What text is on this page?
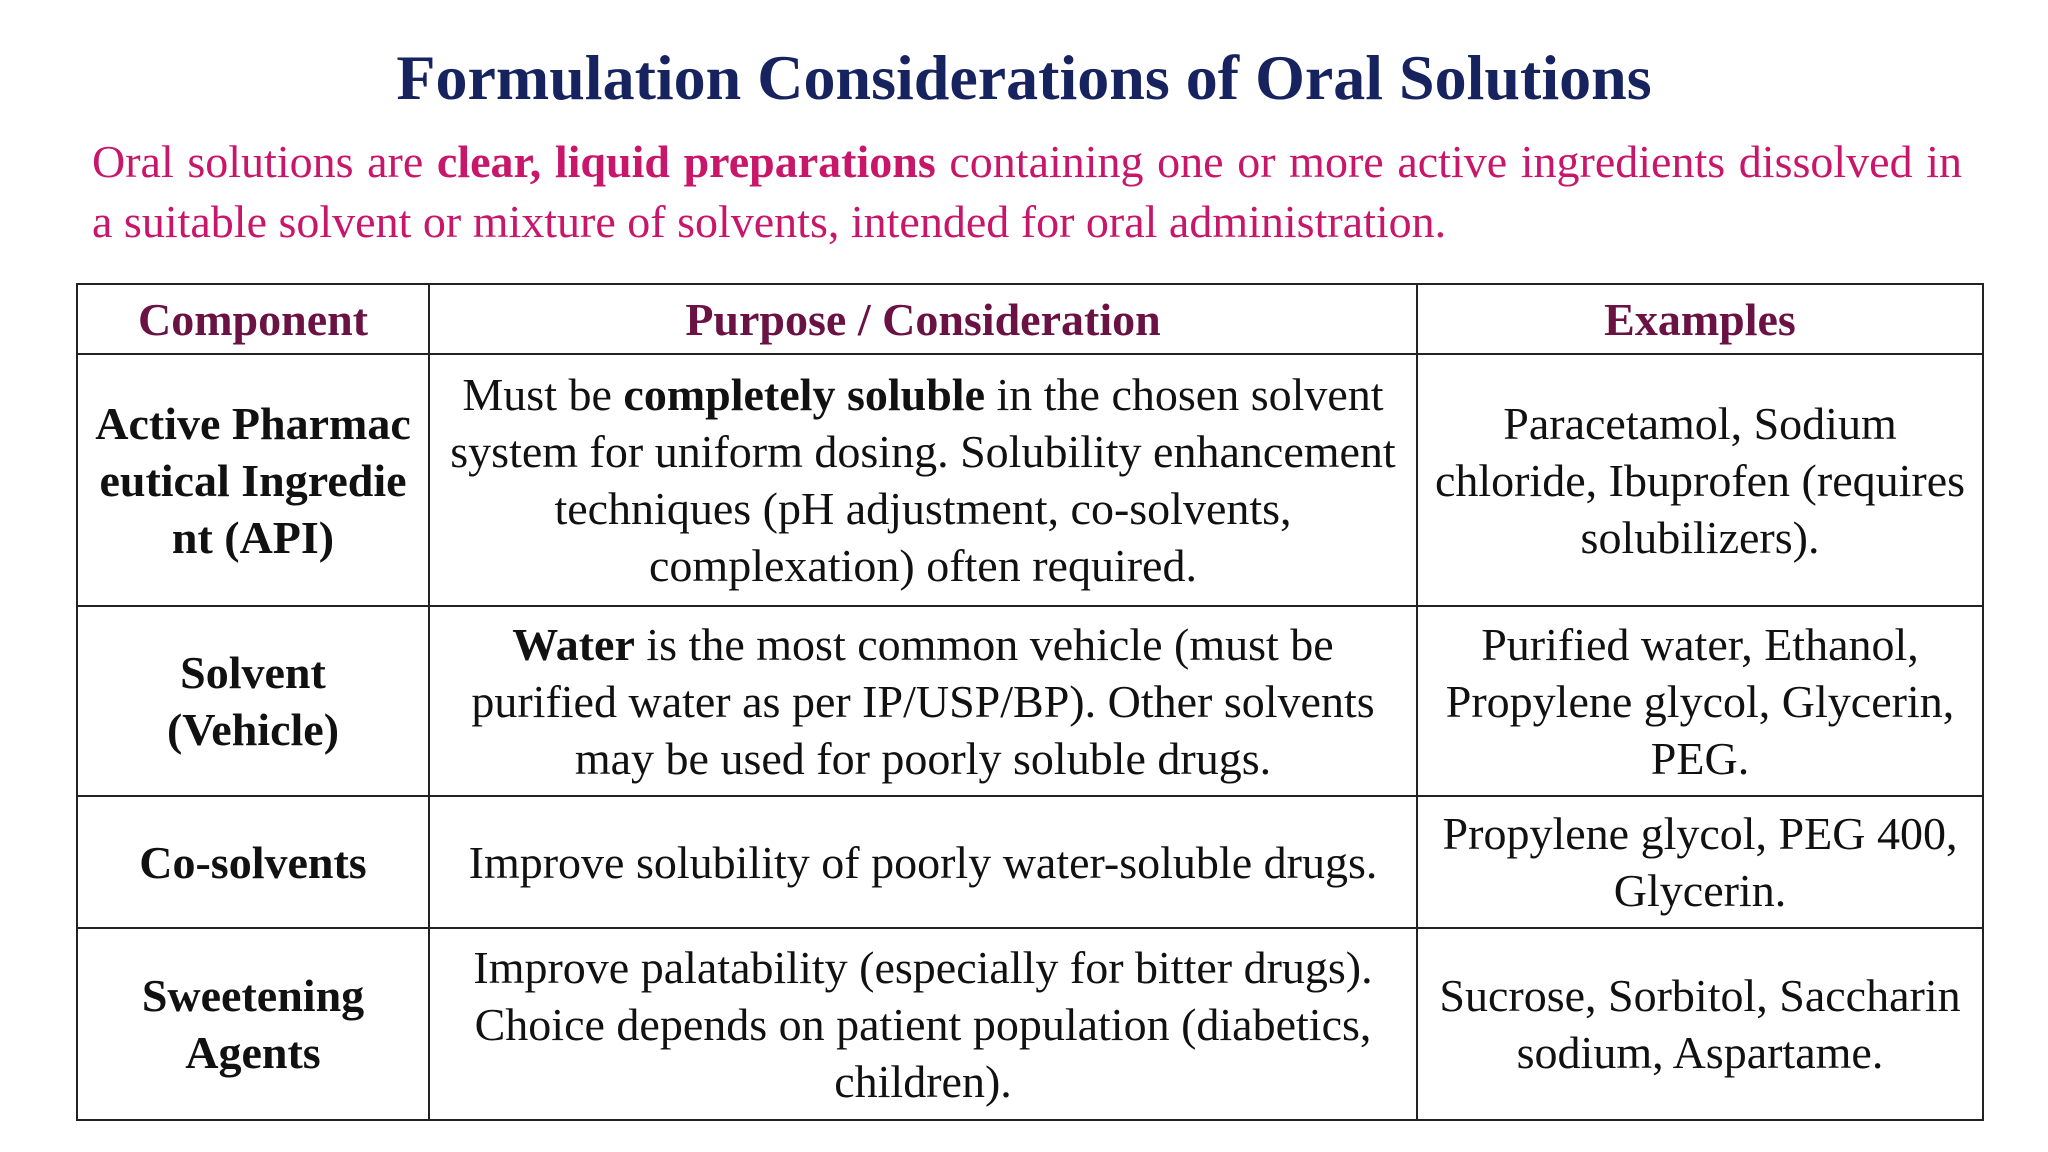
Formulation Considerations of Oral Solutions
Oral solutions are clear, liquid preparations containing one or more active ingredients dissolved in a suitable solvent or mixture of solvents, intended for oral administration.
Component	Purpose / Consideration	Examples
Active Pharmaceutical Ingredient (API)	Must be completely soluble in the chosen solvent system for uniform dosing. Solubility enhancement techniques (pH adjustment, co-solvents, complexation) often required.	Paracetamol, Sodium chloride, Ibuprofen (requires solubilizers).
Solvent (Vehicle)	Water is the most common vehicle (must be purified water as per IP/USP/BP). Other solvents may be used for poorly soluble drugs.	Purified water, Ethanol, Propylene glycol, Glycerin, PEG.
Co-solvents	Improve solubility of poorly water-soluble drugs.	Propylene glycol, PEG 400, Glycerin.
Sweetening Agents	Improve palatability (especially for bitter drugs). Choice depends on patient population (diabetics, children).	Sucrose, Sorbitol, Saccharin sodium, Aspartame.
